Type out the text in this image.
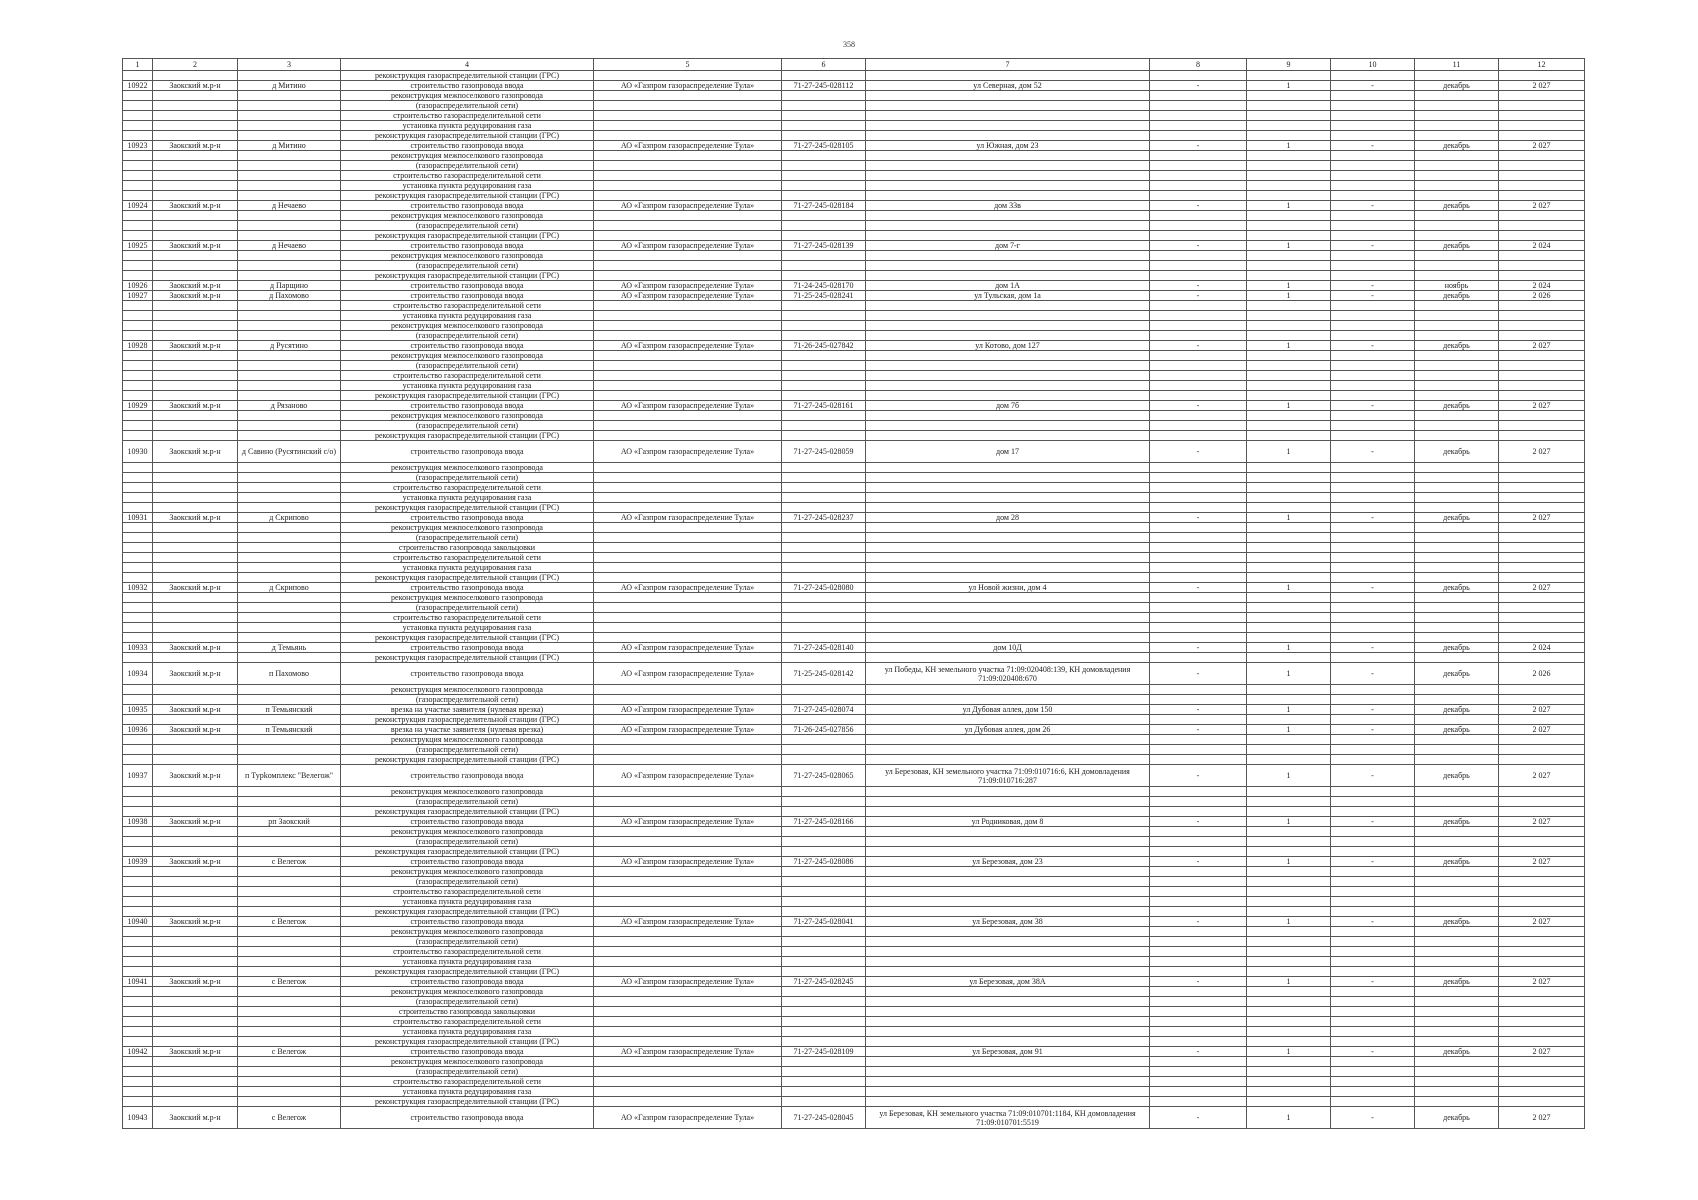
358
1	2	3	4	5	6	7	8	9	10	11	12
			реконструкция газораспределительной станции (ГРС)								
10922	Заокский м.р-н	д Митино	строительство газопровода ввода	АО «Газпром газораспределение Тула»	71-27-245-028112	ул Северная, дом 52	-	1	-	декабрь	2 027
			реконструкция межпоселкового газопровода								
			(газораспределительной сети)								
			строительство газораспределительной сети								
			установка пункта редуцирования газа								
			реконструкция газораспределительной станции (ГРС)								
10923	Заокский м.р-н	д Митино	строительство газопровода ввода	АО «Газпром газораспределение Тула»	71-27-245-028105	ул Южная, дом 23	-	1	-	декабрь	2 027
			реконструкция межпоселкового газопровода								
			(газораспределительной сети)								
			строительство газораспределительной сети								
			установка пункта редуцирования газа								
			реконструкция газораспределительной станции (ГРС)								
10924	Заокский м.р-н	д Нечаево	строительство газопровода ввода	АО «Газпром газораспределение Тула»	71-27-245-028184	дом 33в	-	1	-	декабрь	2 027
			реконструкция межпоселкового газопровода								
			(газораспределительной сети)								
			реконструкция газораспределительной станции (ГРС)								
10925	Заокский м.р-н	д Нечаево	строительство газопровода ввода	АО «Газпром газораспределение Тула»	71-27-245-028139	дом 7-г	-	1	-	декабрь	2 024
			реконструкция межпоселкового газопровода								
			(газораспределительной сети)								
			реконструкция газораспределительной станции (ГРС)								
10926	Заокский м.р-н	д Парщино	строительство газопровода ввода	АО «Газпром газораспределение Тула»	71-24-245-028170	дом 1А	-	1	-	ноябрь	2 024
10927	Заокский м.р-н	д Пахомово	строительство газопровода ввода	АО «Газпром газораспределение Тула»	71-25-245-028241	ул Тульская, дом 1а	-	1	-	декабрь	2 026
			строительство газораспределительной сети								
			установка пункта редуцирования газа								
			реконструкция межпоселкового газопровода								
			(газораспределительной сети)								
10928	Заокский м.р-н	д Русятино	строительство газопровода ввода	АО «Газпром газораспределение Тула»	71-26-245-027842	ул Котово, дом 127	-	1	-	декабрь	2 027
			реконструкция межпоселкового газопровода								
			(газораспределительной сети)								
			строительство газораспределительной сети								
			установка пункта редуцирования газа								
			реконструкция газораспределительной станции (ГРС)								
10929	Заокский м.р-н	д Рязаново	строительство газопровода ввода	АО «Газпром газораспределение Тула»	71-27-245-028161	дом 7б	-	1	-	декабрь	2 027
			реконструкция межпоселкового газопровода								
			(газораспределительной сети)								
			реконструкция газораспределительной станции (ГРС)								
10930	Заокский м.р-н	д Савино (Русятинский с/о)	строительство газопровода ввода	АО «Газпром газораспределение Тула»	71-27-245-028059	дом 17	-	1	-	декабрь	2 027
			реконструкция межпоселкового газопровода								
			(газораспределительной сети)								
			строительство газораспределительной сети								
			установка пункта редуцирования газа								
			реконструкция газораспределительной станции (ГРС)								
10931	Заокский м.р-н	д Скрипово	строительство газопровода ввода	АО «Газпром газораспределение Тула»	71-27-245-028237	дом 28	-	1	-	декабрь	2 027
			реконструкция межпоселкового газопровода								
			(газораспределительной сети)								
			строительство газопровода закольцовки								
			строительство газораспределительной сети								
			установка пункта редуцирования газа								
			реконструкция газораспределительной станции (ГРС)								
10932	Заокский м.р-н	д Скрипово	строительство газопровода ввода	АО «Газпром газораспределение Тула»	71-27-245-028080	ул Новой жизни, дом 4	-	1	-	декабрь	2 027
			реконструкция межпоселкового газопровода								
			(газораспределительной сети)								
			строительство газораспределительной сети								
			установка пункта редуцирования газа								
			реконструкция газораспределительной станции (ГРС)								
10933	Заокский м.р-н	д Темьянь	строительство газопровода ввода	АО «Газпром газораспределение Тула»	71-27-245-028140	дом 10Д	-	1	-	декабрь	2 024
			реконструкция газораспределительной станции (ГРС)								
10934	Заокский м.р-н	п Пахомово	строительство газопровода ввода	АО «Газпром газораспределение Тула»	71-25-245-028142	ул Победы, КН земельного участка 71:09:020408:139, КН домовладения 71:09:020408:670	-	1	-	декабрь	2 026
			реконструкция межпоселкового газопровода								
			(газораспределительной сети)								
10935	Заокский м.р-н	п Темьянский	врезка на участке заявителя (нулевая врезка)	АО «Газпром газораспределение Тула»	71-27-245-028074	ул Дубовая аллея, дом 150	-	1	-	декабрь	2 027
			реконструкция газораспределительной станции (ГРС)								
10936	Заокский м.р-н	п Темьянский	врезка на участке заявителя (нулевая врезка)	АО «Газпром газораспределение Тула»	71-26-245-027856	ул Дубовая аллея, дом 26	-	1	-	декабрь	2 027
			реконструкция межпоселкового газопровода								
			(газораспределительной сети)								
			реконструкция газораспределительной станции (ГРС)								
10937	Заокский м.р-н	п Турkомплекс "Велегож"	строительство газопровода ввода	АО «Газпром газораспределение Тула»	71-27-245-028065	ул Березовая, КН земельного участка 71:09:010716:6, КН домовладения 71:09:010716:287	-	1	-	декабрь	2 027
			реконструкция межпоселкового газопровода								
			(газораспределительной сети)								
			реконструкция газораспределительной станции (ГРС)								
10938	Заокский м.р-н	рп Заокский	строительство газопровода ввода	АО «Газпром газораспределение Тула»	71-27-245-028166	ул Родниковая, дом 8	-	1	-	декабрь	2 027
			реконструкция межпоселкового газопровода								
			(газораспределительной сети)								
			реконструкция газораспределительной станции (ГРС)								
10939	Заокский м.р-н	с Велегож	строительство газопровода ввода	АО «Газпром газораспределение Тула»	71-27-245-028086	ул Березовая, дом 23	-	1	-	декабрь	2 027
			реконструкция межпоселкового газопровода								
			(газораспределительной сети)								
			строительство газораспределительной сети								
			установка пункта редуцирования газа								
			реконструкция газораспределительной станции (ГРС)								
10940	Заокский м.р-н	с Велегож	строительство газопровода ввода	АО «Газпром газораспределение Тула»	71-27-245-028041	ул Березовая, дом 38	-	1	-	декабрь	2 027
			реконструкция межпоселкового газопровода								
			(газораспределительной сети)								
			строительство газораспределительной сети								
			установка пункта редуцирования газа								
			реконструкция газораспределительной станции (ГРС)								
10941	Заокский м.р-н	с Велегож	строительство газопровода ввода	АО «Газпром газораспределение Тула»	71-27-245-028245	ул Березовая, дом 38А	-	1	-	декабрь	2 027
			реконструкция межпоселкового газопровода								
			(газораспределительной сети)								
			строительство газопровода закольцовки								
			строительство газораспределительной сети								
			установка пункта редуцирования газа								
			реконструкция газораспределительной станции (ГРС)								
10942	Заокский м.р-н	с Велегож	строительство газопровода ввода	АО «Газпром газораспределение Тула»	71-27-245-028109	ул Березовая, дом 91	-	1	-	декабрь	2 027
			реконструкция межпоселкового газопровода								
			(газораспределительной сети)								
			строительство газораспределительной сети								
			установка пункта редуцирования газа								
			реконструкция газораспределительной станции (ГРС)								
10943	Заокский м.р-н	с Велегож	строительство газопровода ввода	АО «Газпром газораспределение Тула»	71-27-245-028045	ул Березовая, КН земельного участка 71:09:010701:1184, КН домовладения 71:09:010701:5519	-	1	-	декабрь	2 027
